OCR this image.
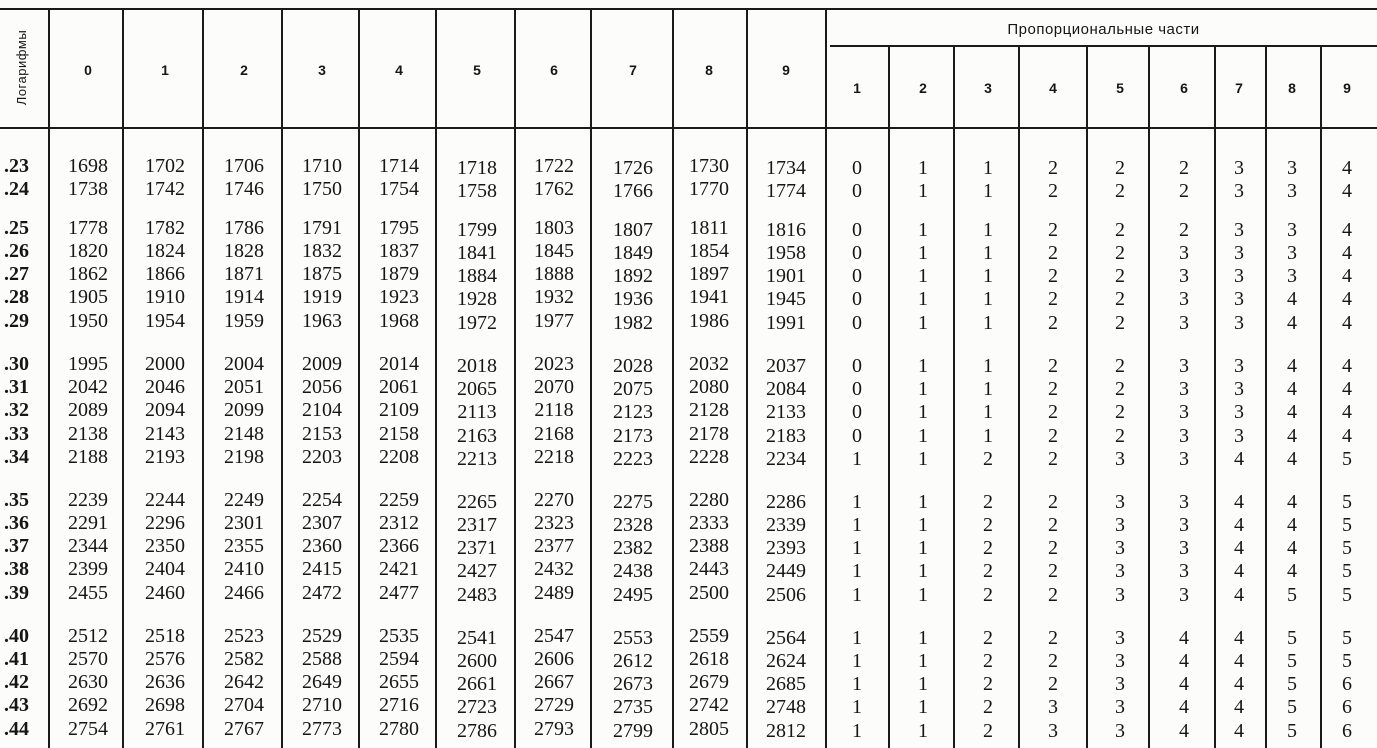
Логарифмы	Пропорциональные части
0	1	2	3	4	5	6	7	8	9
1	2	3	4	5	6	7	8	9
.23	1698	1702	1706	1710	1714	1718	1722	1726	1730	1734	0	1	1	2	2	2	3	3	4
.24	1738	1742	1746	1750	1754	1758	1762	1766	1770	1774	0	1	1	2	2	2	3	3	4
.25	1778	1782	1786	1791	1795	1799	1803	1807	1811	1816	0	1	1	2	2	2	3	3	4
.26	1820	1824	1828	1832	1837	1841	1845	1849	1854	1958	0	1	1	2	2	3	3	3	4
.27	1862	1866	1871	1875	1879	1884	1888	1892	1897	1901	0	1	1	2	2	3	3	3	4
.28	1905	1910	1914	1919	1923	1928	1932	1936	1941	1945	0	1	1	2	2	3	3	4	4
.29	1950	1954	1959	1963	1968	1972	1977	1982	1986	1991	0	1	1	2	2	3	3	4	4
.30	1995	2000	2004	2009	2014	2018	2023	2028	2032	2037	0	1	1	2	2	3	3	4	4
.31	2042	2046	2051	2056	2061	2065	2070	2075	2080	2084	0	1	1	2	2	3	3	4	4
.32	2089	2094	2099	2104	2109	2113	2118	2123	2128	2133	0	1	1	2	2	3	3	4	4
.33	2138	2143	2148	2153	2158	2163	2168	2173	2178	2183	0	1	1	2	2	3	3	4	4
.34	2188	2193	2198	2203	2208	2213	2218	2223	2228	2234	1	1	2	2	3	3	4	4	5
.35	2239	2244	2249	2254	2259	2265	2270	2275	2280	2286	1	1	2	2	3	3	4	4	5
.36	2291	2296	2301	2307	2312	2317	2323	2328	2333	2339	1	1	2	2	3	3	4	4	5
.37	2344	2350	2355	2360	2366	2371	2377	2382	2388	2393	1	1	2	2	3	3	4	4	5
.38	2399	2404	2410	2415	2421	2427	2432	2438	2443	2449	1	1	2	2	3	3	4	4	5
.39	2455	2460	2466	2472	2477	2483	2489	2495	2500	2506	1	1	2	2	3	3	4	5	5
.40	2512	2518	2523	2529	2535	2541	2547	2553	2559	2564	1	1	2	2	3	4	4	5	5
.41	2570	2576	2582	2588	2594	2600	2606	2612	2618	2624	1	1	2	2	3	4	4	5	5
.42	2630	2636	2642	2649	2655	2661	2667	2673	2679	2685	1	1	2	2	3	4	4	5	6
.43	2692	2698	2704	2710	2716	2723	2729	2735	2742	2748	1	1	2	3	3	4	4	5	6
.44	2754	2761	2767	2773	2780	2786	2793	2799	2805	2812	1	1	2	3	3	4	4	5	6
